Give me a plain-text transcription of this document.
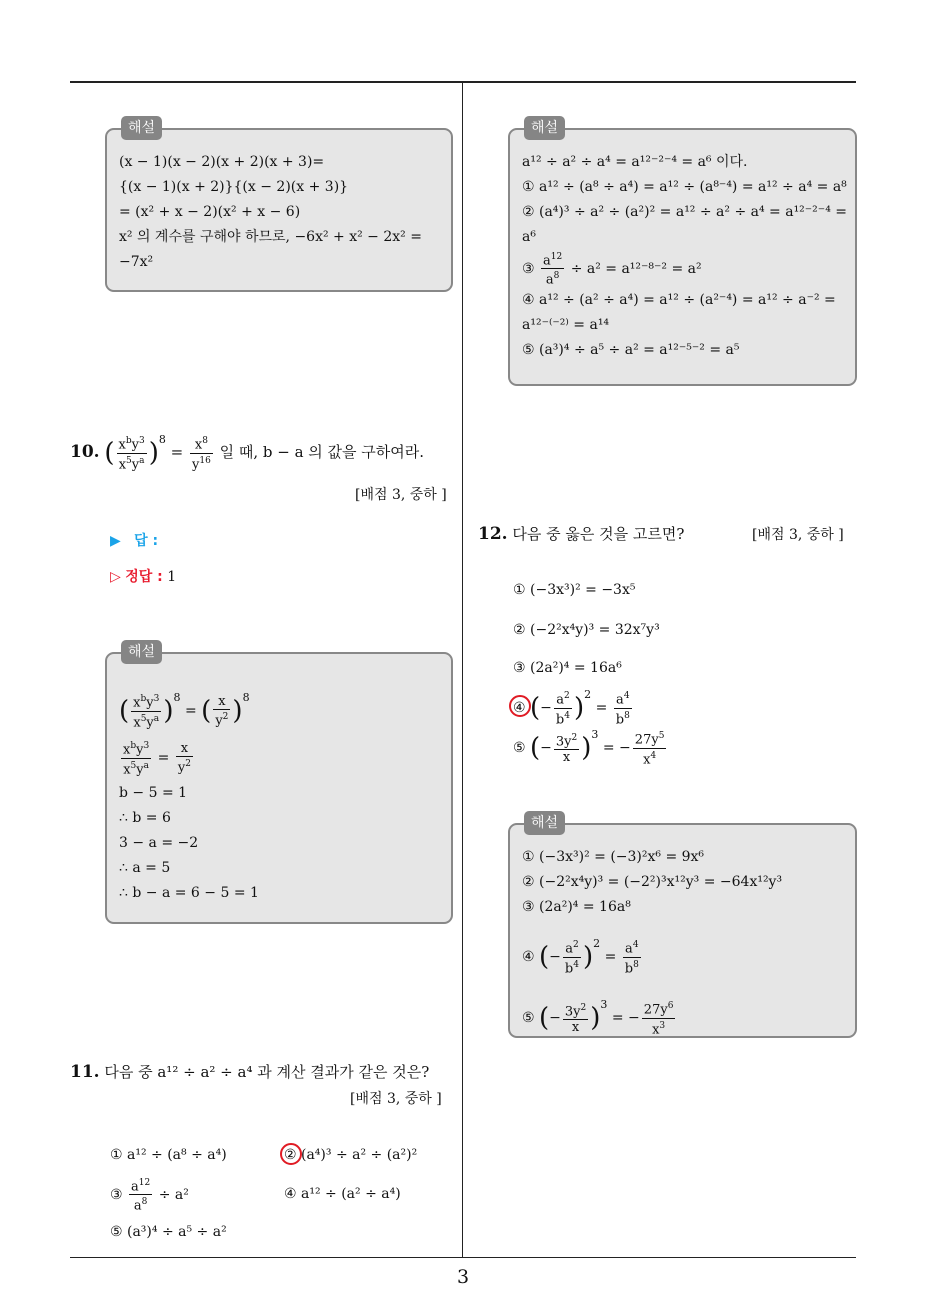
3
해설
(x − 1)(x − 2)(x + 2)(x + 3)=
{(x − 1)(x + 2)}{(x − 2)(x + 3)}
= (x² + x − 2)(x² + x − 6)
x² 의 계수를 구해야 하므로, −6x² + x² − 2x² =
−7x²
10. ( $\frac{x^by^3}{x^5y^a} )^8 = \frac{x^8}{y^{16}}$ 일 때, b − a 의 값을 구하여라.
[배점 3, 중하 ]
▶ 답 :
▷ 정답 : 1
해설
( $\frac{x^by^3}{x^5y^a} )^8$ = ( $\frac{x}{y^2} )^8$
$\frac{x^by^3}{x^5y^a} = \frac{x}{y^2}$
b − 5 = 1
∴ b = 6
3 − a = −2
∴ a = 5
∴ b − a = 6 − 5 = 1
11. 다음 중 a¹² ÷ a² ÷ a⁴ 과 계산 결과가 같은 것은?
[배점 3, 중하 ]
① a¹² ÷ (a⁸ ÷ a⁴)	② (a⁴)³ ÷ a² ÷ (a²)²
③ $\frac{a^{12}}{a^8} \div a^2$	④ a¹² ÷ (a² ÷ a⁴)
⑤ (a³)⁴ ÷ a⁵ ÷ a²
해설
a¹² ÷ a² ÷ a⁴ = a¹²⁻²⁻⁴ = a⁶ 이다.
① a¹² ÷ (a⁸ ÷ a⁴) = a¹² ÷ (a⁸⁻⁴) = a¹² ÷ a⁴ = a⁸
② (a⁴)³ ÷ a² ÷ (a²)² = a¹² ÷ a² ÷ a⁴ = a¹²⁻²⁻⁴ =
a⁶
③ $\frac{a^{12}}{a^8} \div a^2 = a^{12-8-2} = a^2$
④ a¹² ÷ (a² ÷ a⁴) = a¹² ÷ (a²⁻⁴) = a¹² ÷ a⁻² =
a¹²⁻⁽⁻²⁾ = a¹⁴
⑤ (a³)⁴ ÷ a⁵ ÷ a² = a¹²⁻⁵⁻² = a⁵
12. 다음 중 옳은 것을 고르면?	[배점 3, 중하 ]
① (−3x³)² = −3x⁵
② (−2²x⁴y)³ = 32x⁷y³
③ (2a²)⁴ = 16a⁶
④ (− $\frac{a^2}{b^4} )^2 = \frac{a^4}{b^8}$
⑤ (− $\frac{3y^2}{x} )^3$ = − $\frac{27y^5}{x^4}$
해설
① (−3x³)² = (−3)²x⁶ = 9x⁶
② (−2²x⁴y)³ = (−2²)³x¹²y³ = −64x¹²y³
③ (2a²)⁴ = 16a⁸
④ (− $\frac{a^2}{b^4} )^2 = \frac{a^4}{b^8}$
⑤ (− $\frac{3y^2}{x} )^3$ = − $\frac{27y^6}{x^3}$
